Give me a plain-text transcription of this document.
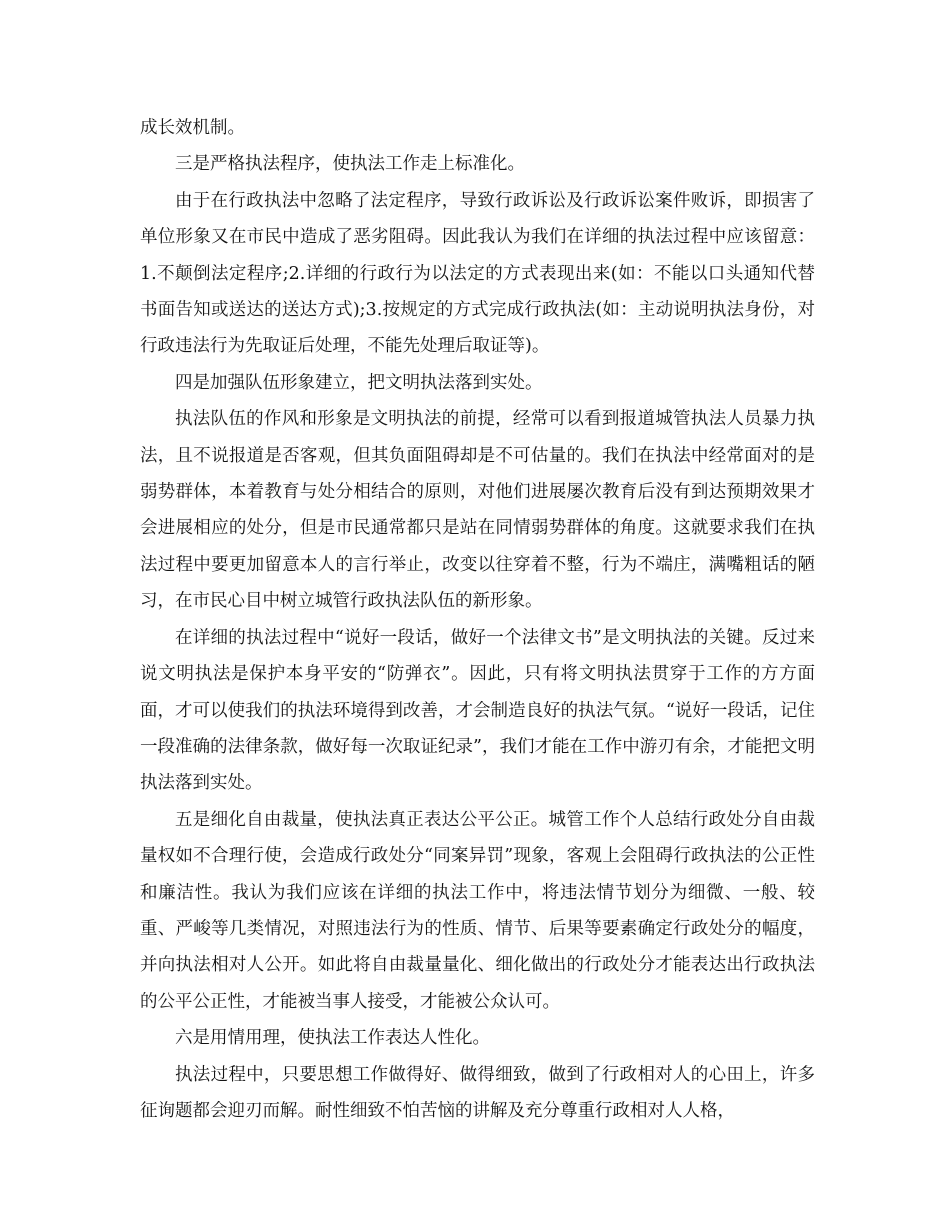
成长效机制。

三是严格执法程序，使执法工作走上标准化。

由于在行政执法中忽略了法定程序，导致行政诉讼及行政诉讼案件败诉，即损害了单位形象又在市民中造成了恶劣阻碍。因此我认为我们在详细的执法过程中应该留意：1.不颠倒法定程序;2.详细的行政行为以法定的方式表现出来(如：不能以口头通知代替书面告知或送达的送达方式);3.按规定的方式完成行政执法(如：主动说明执法身份，对行政违法行为先取证后处理，不能先处理后取证等)。

四是加强队伍形象建立，把文明执法落到实处。

执法队伍的作风和形象是文明执法的前提，经常可以看到报道城管执法人员暴力执法，且不说报道是否客观，但其负面阻碍却是不可估量的。我们在执法中经常面对的是弱势群体，本着教育与处分相结合的原则，对他们进展屡次教育后没有到达预期效果才会进展相应的处分，但是市民通常都只是站在同情弱势群体的角度。这就要求我们在执法过程中要更加留意本人的言行举止，改变以往穿着不整，行为不端庄，满嘴粗话的陋习，在市民心目中树立城管行政执法队伍的新形象。

在详细的执法过程中“说好一段话，做好一个法律文书”是文明执法的关键。反过来说文明执法是保护本身平安的“防弹衣”。因此，只有将文明执法贯穿于工作的方方面面，才可以使我们的执法环境得到改善，才会制造良好的执法气氛。“说好一段话，记住一段准确的法律条款，做好每一次取证纪录”，我们才能在工作中游刃有余，才能把文明执法落到实处。

五是细化自由裁量，使执法真正表达公平公正。城管工作个人总结行政处分自由裁量权如不合理行使，会造成行政处分“同案异罚”现象，客观上会阻碍行政执法的公正性和廉洁性。我认为我们应该在详细的执法工作中，将违法情节划分为细微、一般、较重、严峻等几类情况，对照违法行为的性质、情节、后果等要素确定行政处分的幅度，并向执法相对人公开。如此将自由裁量量化、细化做出的行政处分才能表达出行政执法的公平公正性，才能被当事人接受，才能被公众认可。

六是用情用理，使执法工作表达人性化。

执法过程中，只要思想工作做得好、做得细致，做到了行政相对人的心田上，许多征询题都会迎刃而解。耐性细致不怕苦恼的讲解及充分尊重行政相对人人格，
